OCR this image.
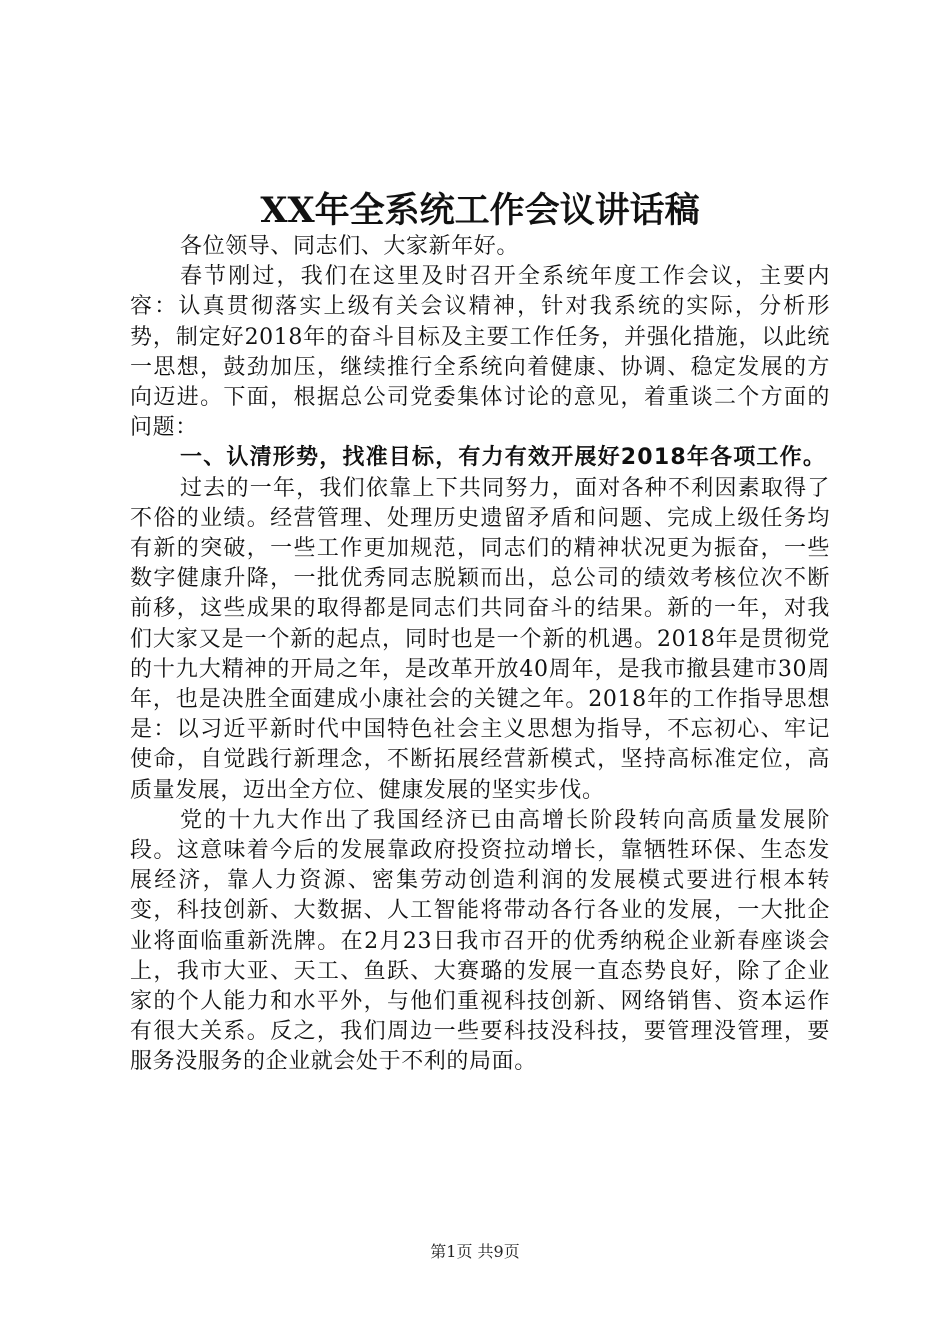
XX年全系统工作会议讲话稿

各位领导、同志们、大家新年好。

春节刚过，我们在这里及时召开全系统年度工作会议，主要内容：认真贯彻落实上级有关会议精神，针对我系统的实际，分析形势，制定好2018年的奋斗目标及主要工作任务，并强化措施，以此统一思想，鼓劲加压，继续推行全系统向着健康、协调、稳定发展的方向迈进。下面，根据总公司党委集体讨论的意见，着重谈二个方面的问题：

一、认清形势，找准目标，有力有效开展好2018年各项工作。

过去的一年，我们依靠上下共同努力，面对各种不利因素取得了不俗的业绩。经营管理、处理历史遗留矛盾和问题、完成上级任务均有新的突破，一些工作更加规范，同志们的精神状况更为振奋，一些数字健康升降，一批优秀同志脱颖而出，总公司的绩效考核位次不断前移，这些成果的取得都是同志们共同奋斗的结果。新的一年，对我们大家又是一个新的起点，同时也是一个新的机遇。2018年是贯彻党的十九大精神的开局之年，是改革开放40周年，是我市撤县建市30周年，也是决胜全面建成小康社会的关键之年。2018年的工作指导思想是：以习近平新时代中国特色社会主义思想为指导，不忘初心、牢记使命，自觉践行新理念，不断拓展经营新模式，坚持高标准定位，高质量发展，迈出全方位、健康发展的坚实步伐。

党的十九大作出了我国经济已由高增长阶段转向高质量发展阶段。这意味着今后的发展靠政府投资拉动增长，靠牺牲环保、生态发展经济，靠人力资源、密集劳动创造利润的发展模式要进行根本转变，科技创新、大数据、人工智能将带动各行各业的发展，一大批企业将面临重新洗牌。在2月23日我市召开的优秀纳税企业新春座谈会上，我市大亚、天工、鱼跃、大赛璐的发展一直态势良好，除了企业家的个人能力和水平外，与他们重视科技创新、网络销售、资本运作有很大关系。反之，我们周边一些要科技没科技，要管理没管理，要服务没服务的企业就会处于不利的局面。

第1页 共9页
